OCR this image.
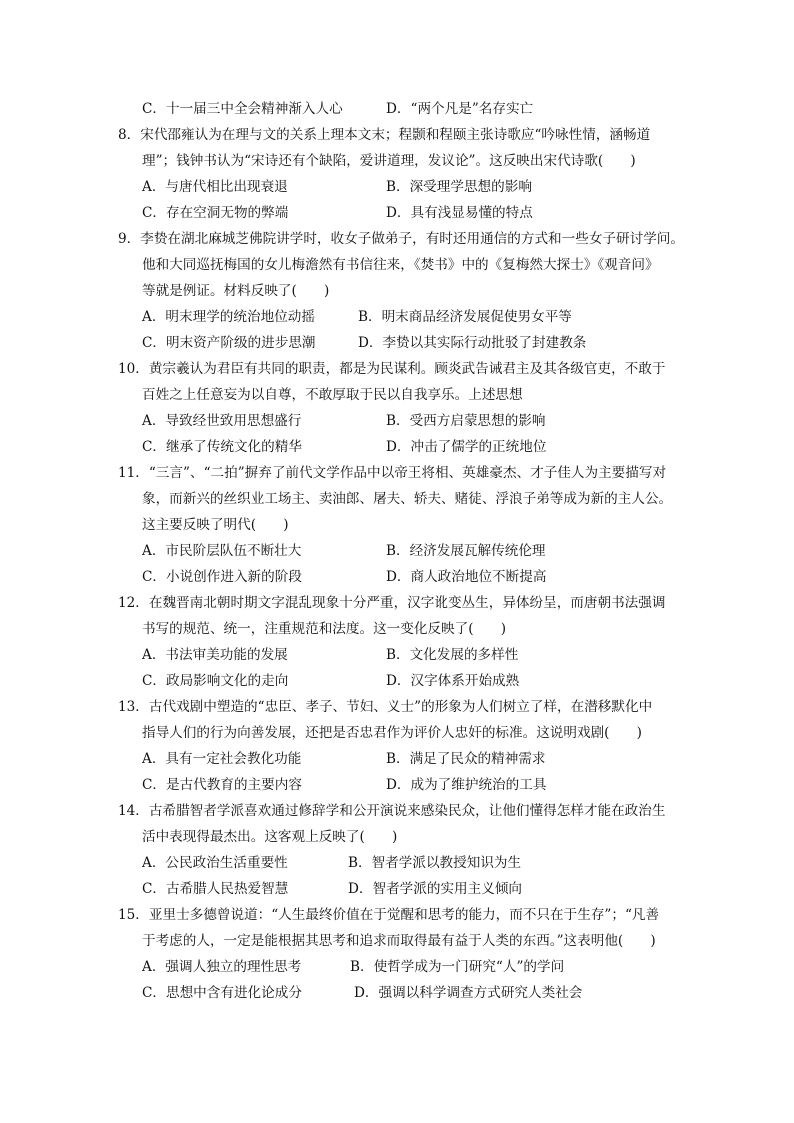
C．十一届三中全会精神渐入人心	D．“两个凡是”名存实亡
8．宋代邵雍认为在理与文的关系上理本文末；程颢和程颐主张诗歌应“吟咏性情，涵畅道
理”；钱钟书认为“宋诗还有个缺陷，爱讲道理，发议论”。这反映出宋代诗歌(　　)
A．与唐代相比出现衰退	B．深受理学思想的影响
C．存在空洞无物的弊端	D．具有浅显易懂的特点
9．李贽在湖北麻城芝佛院讲学时，收女子做弟子，有时还用通信的方式和一些女子研讨学问。
他和大同巡抚梅国的女儿梅澹然有书信往来，《焚书》中的《复梅然大探士》《观音问》
等就是例证。材料反映了(　　)
A．明末理学的统治地位动摇	B．明末商品经济发展促使男女平等
C．明末资产阶级的进步思潮	D．李贽以其实际行动批驳了封建教条
10．黄宗羲认为君臣有共同的职责，都是为民谋利。顾炎武告诫君主及其各级官吏，不敢于
百姓之上任意妄为以自尊，不敢厚取于民以自我享乐。上述思想
A．导致经世致用思想盛行	B．受西方启蒙思想的影响
C．继承了传统文化的精华	D．冲击了儒学的正统地位
11．“三言”、“二拍”摒弃了前代文学作品中以帝王将相、英雄豪杰、才子佳人为主要描写对
象，而新兴的丝织业工场主、卖油郎、屠夫、轿夫、赌徒、浮浪子弟等成为新的主人公。
这主要反映了明代(　　)
A．市民阶层队伍不断壮大	B．经济发展瓦解传统伦理
C．小说创作进入新的阶段	D．商人政治地位不断提高
12．在魏晋南北朝时期文字混乱现象十分严重，汉字讹变丛生，异体纷呈，而唐朝书法强调
书写的规范、统一，注重规范和法度。这一变化反映了(　　)
A．书法审美功能的发展	B．文化发展的多样性
C．政局影响文化的走向	D．汉字体系开始成熟
13．古代戏剧中塑造的“忠臣、孝子、节妇、义士”的形象为人们树立了样，在潜移默化中
指导人们的行为向善发展，还把是否忠君作为评价人忠奸的标准。这说明戏剧(　　)
A．具有一定社会教化功能	B．满足了民众的精神需求
C．是古代教育的主要内容	D．成为了维护统治的工具
14．古希腊智者学派喜欢通过修辞学和公开演说来感染民众，让他们懂得怎样才能在政治生
活中表现得最杰出。这客观上反映了(　　)
A．公民政治生活重要性	B．智者学派以教授知识为生
C．古希腊人民热爱智慧	D．智者学派的实用主义倾向
15．亚里士多德曾说道：“人生最终价值在于觉醒和思考的能力，而不只在于生存”；“凡善
于考虑的人，一定是能根据其思考和追求而取得最有益于人类的东西。”这表明他(　　)
A．强调人独立的理性思考	B．使哲学成为一门研究“人”的学问
C．思想中含有进化论成分	D．强调以科学调查方式研究人类社会
